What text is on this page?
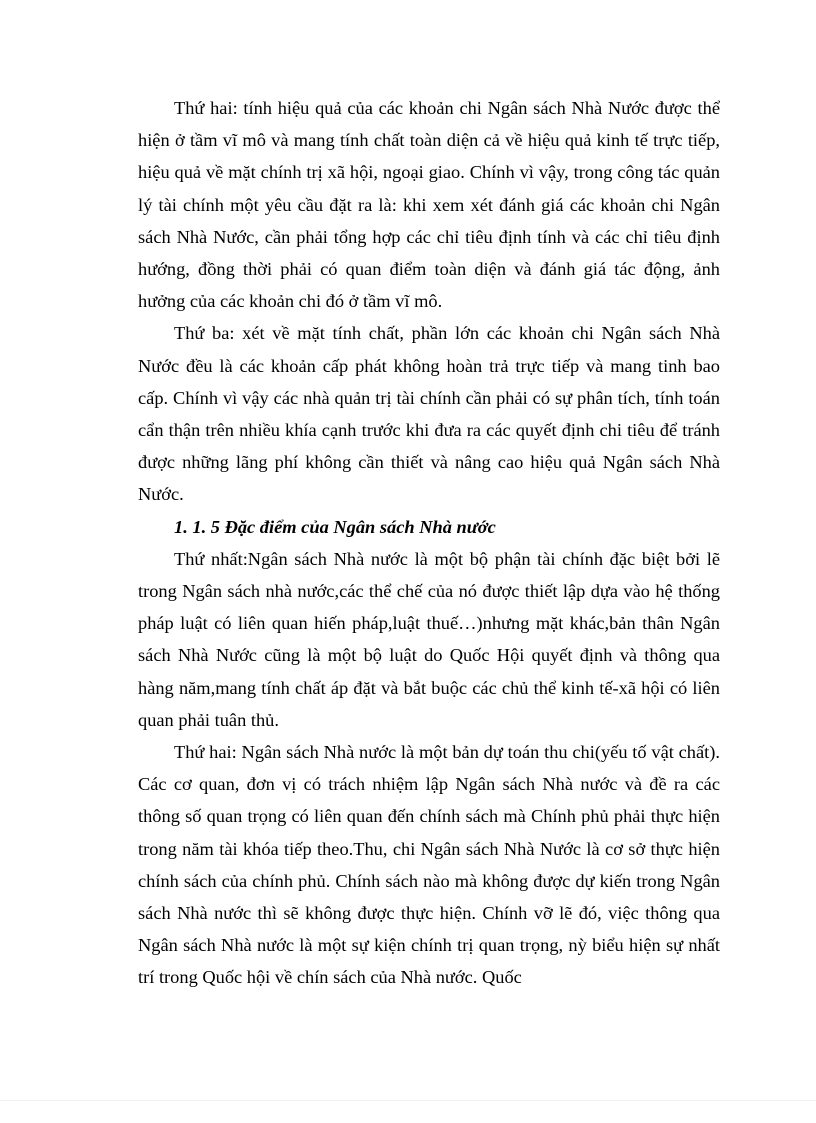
Thứ hai: tính hiệu quả của các khoản chi Ngân sách Nhà Nước được thể hiện ở tầm vĩ mô và mang tính chất toàn diện cả về hiệu quả kinh tế trực tiếp, hiệu quả về mặt chính trị xã hội, ngoại giao. Chính vì vậy, trong công tác quản lý tài chính một yêu cầu đặt ra là: khi xem xét đánh giá các khoản chi Ngân sách Nhà Nước, cần phải tổng hợp các chỉ tiêu định tính và các chỉ tiêu định hướng, đồng thời phải có quan điểm toàn diện và đánh giá tác động, ảnh hưởng của các khoản chi đó ở tầm vĩ mô.

Thứ ba: xét về mặt tính chất, phần lớn các khoản chi Ngân sách Nhà Nước đều là các khoản cấp phát không hoàn trả trực tiếp và mang tinh bao cấp. Chính vì vậy các nhà quản trị tài chính cần phải có sự phân tích, tính toán cẩn thận trên nhiều khía cạnh trước khi đưa ra các quyết định chi tiêu để tránh được những lãng phí không cần thiết và nâng cao hiệu quả Ngân sách Nhà Nước.

1. 1. 5 Đặc điểm của Ngân sách Nhà nước

Thứ nhất:Ngân sách Nhà nước là một bộ phận tài chính đặc biệt bởi lẽ trong Ngân sách nhà nước,các thể chế của nó được thiết lập dựa vào hệ thống pháp luật có liên quan hiến pháp,luật thuế…)nhưng mặt khác,bản thân Ngân sách Nhà Nước cũng là một bộ luật do Quốc Hội quyết định và thông qua hàng năm,mang tính chất áp đặt và bắt buộc các chủ thể kinh tế-xã hội có liên quan phải tuân thủ.

Thứ hai: Ngân sách Nhà nước là một bản dự toán thu chi(yếu tố vật chất). Các cơ quan, đơn vị có trách nhiệm lập Ngân sách Nhà nước và đề ra các thông số quan trọng có liên quan đến chính sách mà Chính phủ phải thực hiện trong năm tài khóa tiếp theo.Thu, chi Ngân sách Nhà Nước là cơ sở thực hiện chính sách của chính phủ. Chính sách nào mà không được dự kiến trong Ngân sách Nhà nước thì sẽ không được thực hiện. Chính vỡ lẽ đó, việc thông qua Ngân sách Nhà nước là một sự kiện chính trị quan trọng, nỳ biểu hiện sự nhất trí trong Quốc hội về chín sách của Nhà nước. Quốc
